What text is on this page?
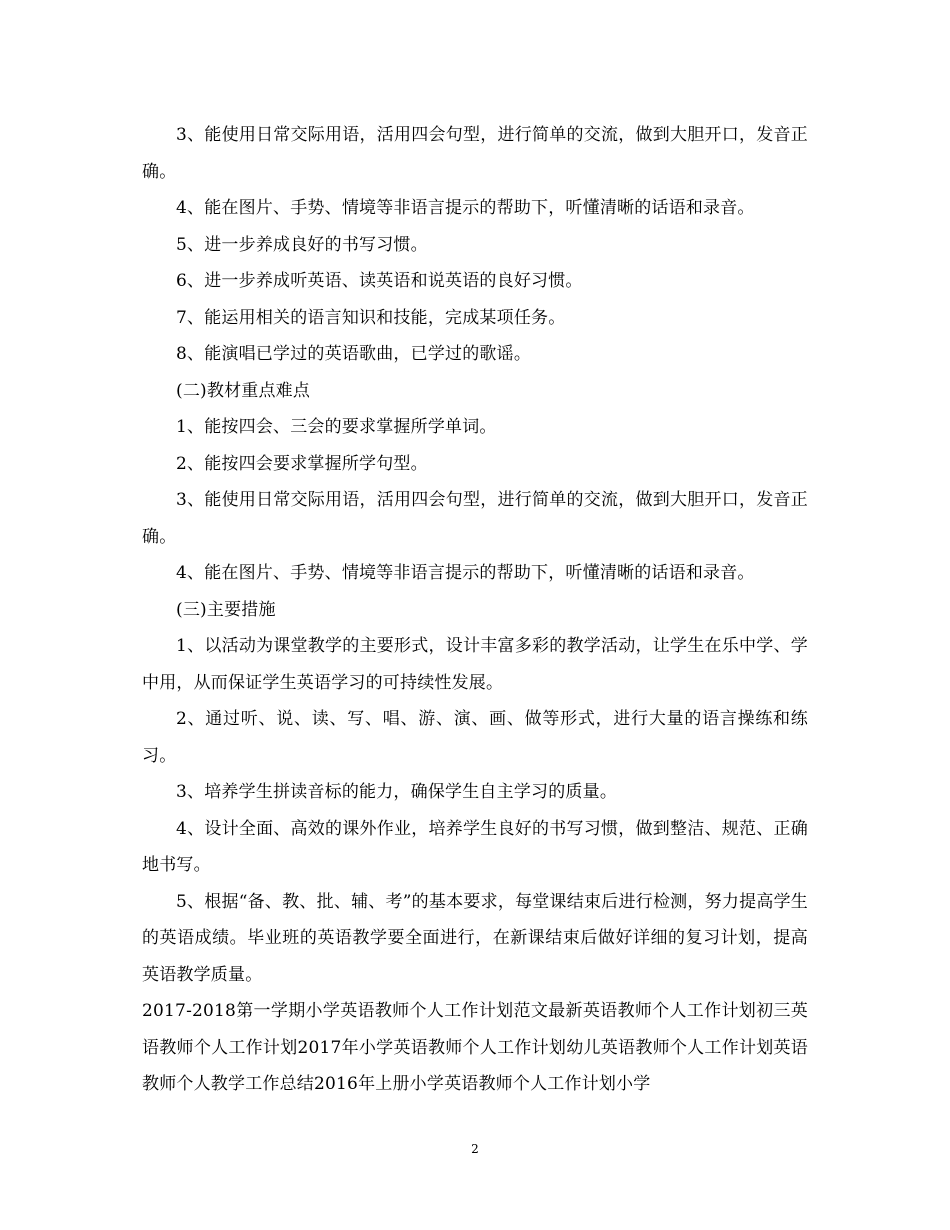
3、能使用日常交际用语，活用四会句型，进行简单的交流，做到大胆开口，发音正确。

4、能在图片、手势、情境等非语言提示的帮助下，听懂清晰的话语和录音。

5、进一步养成良好的书写习惯。

6、进一步养成听英语、读英语和说英语的良好习惯。

7、能运用相关的语言知识和技能，完成某项任务。

8、能演唱已学过的英语歌曲，已学过的歌谣。

(二)教材重点难点

1、能按四会、三会的要求掌握所学单词。

2、能按四会要求掌握所学句型。

3、能使用日常交际用语，活用四会句型，进行简单的交流，做到大胆开口，发音正确。

4、能在图片、手势、情境等非语言提示的帮助下，听懂清晰的话语和录音。

(三)主要措施

1、以活动为课堂教学的主要形式，设计丰富多彩的教学活动，让学生在乐中学、学中用，从而保证学生英语学习的可持续性发展。

2、通过听、说、读、写、唱、游、演、画、做等形式，进行大量的语言操练和练习。

3、培养学生拼读音标的能力，确保学生自主学习的质量。

4、设计全面、高效的课外作业，培养学生良好的书写习惯，做到整洁、规范、正确地书写。

5、根据“备、教、批、辅、考”的基本要求，每堂课结束后进行检测，努力提高学生的英语成绩。毕业班的英语教学要全面进行，在新课结束后做好详细的复习计划，提高英语教学质量。

2017-2018第一学期小学英语教师个人工作计划范文最新英语教师个人工作计划初三英语教师个人工作计划2017年小学英语教师个人工作计划幼儿英语教师个人工作计划英语教师个人教学工作总结2016年上册小学英语教师个人工作计划小学

2
